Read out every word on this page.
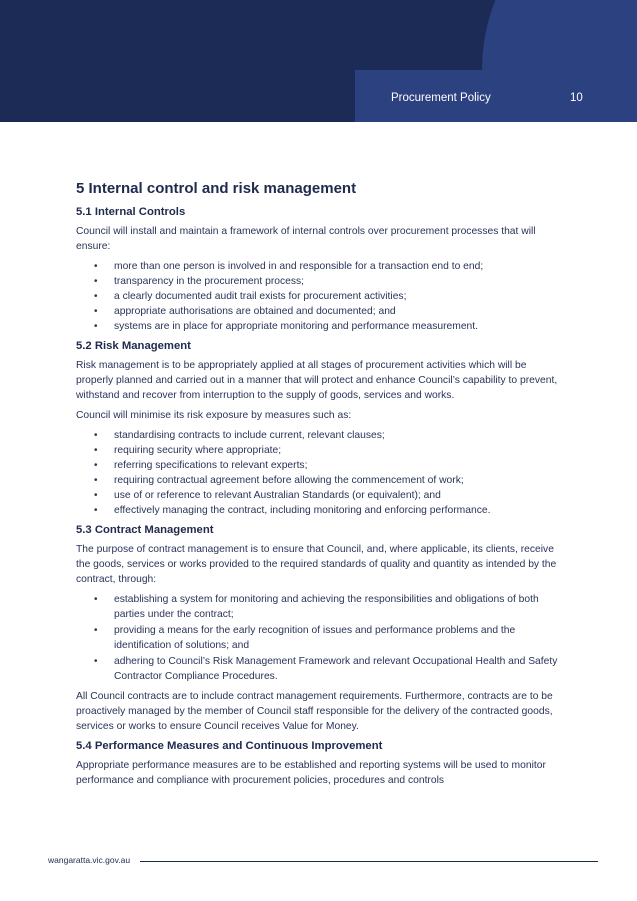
Procurement Policy	10
5 Internal control and risk management
5.1 Internal Controls

Council will install and maintain a framework of internal controls over procurement processes that will ensure:

• more than one person is involved in and responsible for a transaction end to end;
• transparency in the procurement process;
• a clearly documented audit trail exists for procurement activities;
• appropriate authorisations are obtained and documented; and
• systems are in place for appropriate monitoring and performance measurement.
5.2 Risk Management

Risk management is to be appropriately applied at all stages of procurement activities which will be properly planned and carried out in a manner that will protect and enhance Council’s capability to prevent, withstand and recover from interruption to the supply of goods, services and works.

Council will minimise its risk exposure by measures such as:

• standardising contracts to include current, relevant clauses;
• requiring security where appropriate;
• referring specifications to relevant experts;
• requiring contractual agreement before allowing the commencement of work;
• use of or reference to relevant Australian Standards (or equivalent); and
• effectively managing the contract, including monitoring and enforcing performance.
5.3 Contract Management

The purpose of contract management is to ensure that Council, and, where applicable, its clients, receive the goods, services or works provided to the required standards of quality and quantity as intended by the contract, through:

• establishing a system for monitoring and achieving the responsibilities and obligations of both parties under the contract;
• providing a means for the early recognition of issues and performance problems and the identification of solutions; and
• adhering to Council’s Risk Management Framework and relevant Occupational Health and Safety Contractor Compliance Procedures.

All Council contracts are to include contract management requirements. Furthermore, contracts are to be proactively managed by the member of Council staff responsible for the delivery of the contracted goods, services or works to ensure Council receives Value for Money.

5.4 Performance Measures and Continuous Improvement

Appropriate performance measures are to be established and reporting systems will be used to monitor performance and compliance with procurement policies, procedures and controls

wangaratta.vic.gov.au
